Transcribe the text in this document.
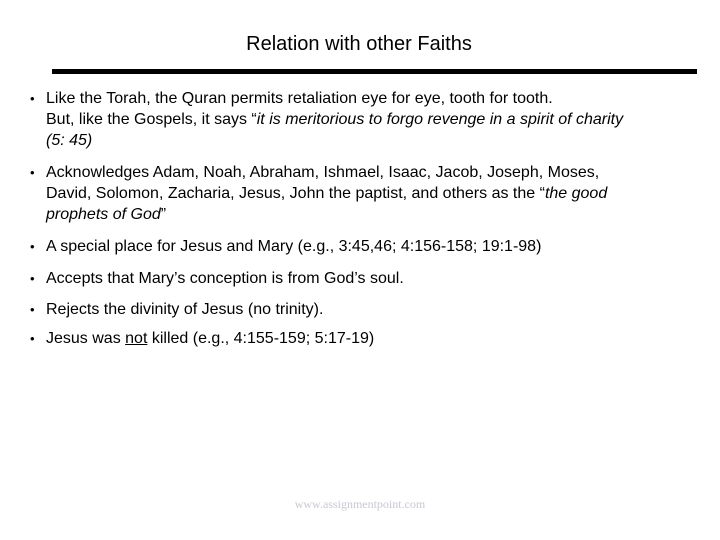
Relation with other Faiths
• Like the Torah, the Quran permits retaliation eye for eye, tooth for tooth.
But, like the Gospels, it says “it is meritorious to forgo revenge in a spirit of charity
(5: 45)
• Acknowledges Adam, Noah, Abraham, Ishmael, Isaac, Jacob, Joseph, Moses,
David, Solomon, Zacharia, Jesus, John the paptist, and others as the “the good
prophets of God”
• A special place for Jesus and Mary (e.g., 3:45,46; 4:156-158; 19:1-98)
• Accepts that Mary’s conception is from God’s soul.
• Rejects the divinity of Jesus (no trinity).
• Jesus was not killed (e.g., 4:155-159; 5:17-19)
www.assignmentpoint.com
